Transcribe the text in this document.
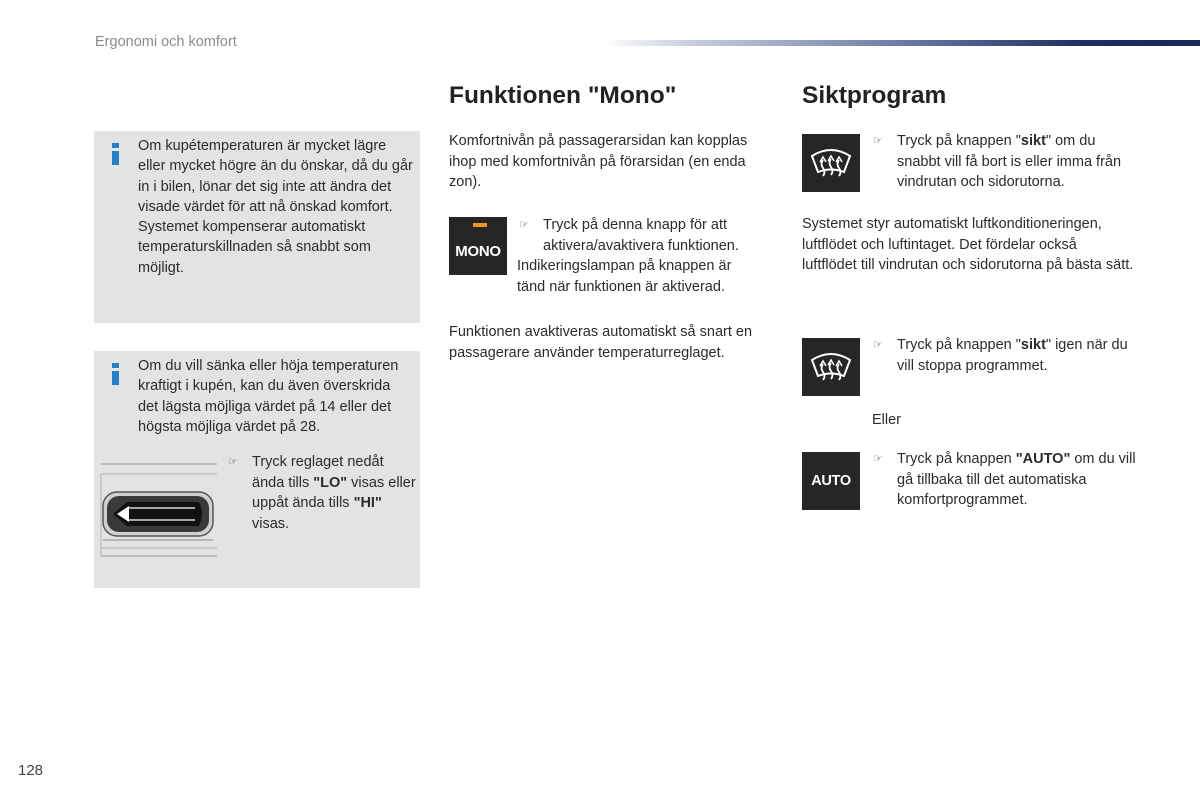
Ergonomi och komfort
Om kupétemperaturen är mycket lägre eller mycket högre än du önskar, då du går in i bilen, lönar det sig inte att ändra det visade värdet för att nå önskad komfort. Systemet kompenserar automatiskt temperaturskillnaden så snabbt som möjligt.
Om du vill sänka eller höja temperaturen kraftigt i kupén, kan du även överskrida det lägsta möjliga värdet på 14 eller det högsta möjliga värdet på 28.
☞ Tryck reglaget nedåt ända tills "LO" visas eller uppåt ända tills "HI" visas.
Funktionen "Mono"
Komfortnivån på passagerarsidan kan kopplas ihop med komfortnivån på förarsidan (en enda zon).
MONO
☞ Tryck på denna knapp för att
aktivera/avaktivera funktionen.
Indikeringslampan på knappen är tänd när funktionen är aktiverad.
Funktionen avaktiveras automatiskt så snart en passagerare använder temperaturreglaget.
Siktprogram
☞ Tryck på knappen "sikt" om du snabbt vill få bort is eller imma från vindrutan och sidorutorna.
Systemet styr automatiskt luftkonditioneringen, luftflödet och luftintaget. Det fördelar också luftflödet till vindrutan och sidorutorna på bästa sätt.
☞ Tryck på knappen "sikt" igen när du vill stoppa programmet.
Eller
AUTO
☞ Tryck på knappen "AUTO" om du vill gå tillbaka till det automatiska komfortprogrammet.
128
